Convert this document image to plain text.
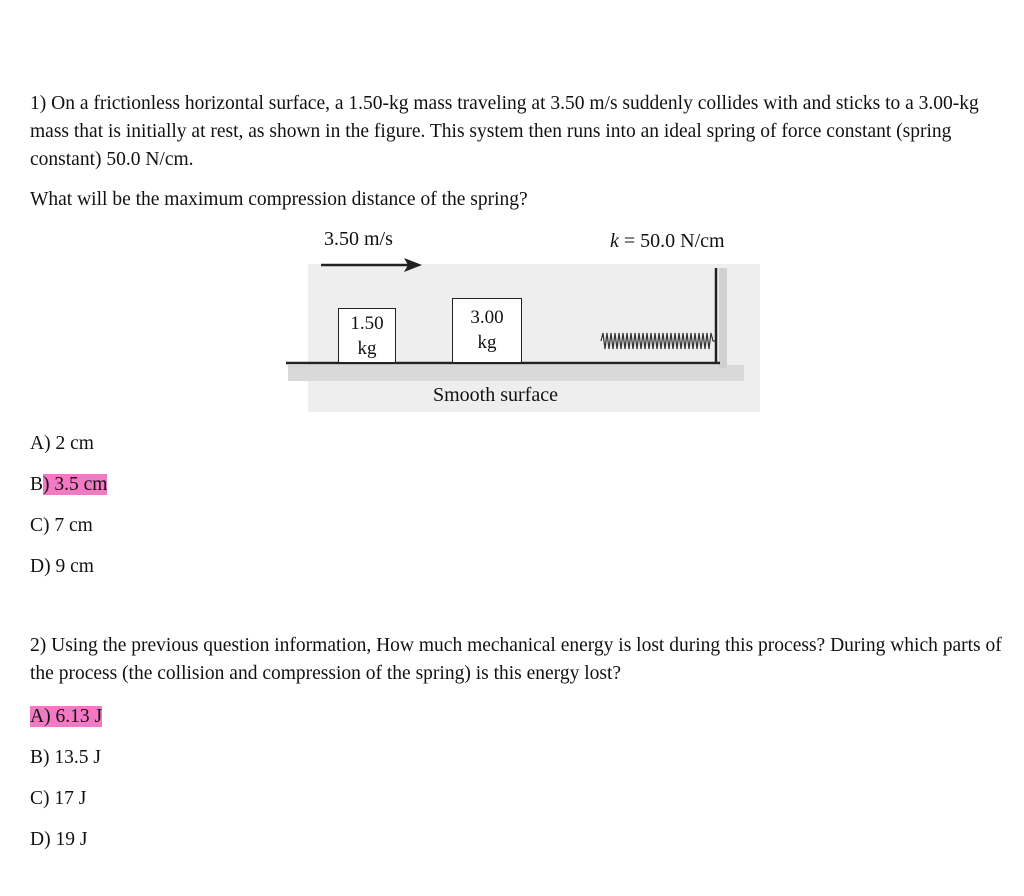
1) On a frictionless horizontal surface, a 1.50-kg mass traveling at 3.50 m/s suddenly collides with and sticks to a 3.00-kg mass that is initially at rest, as shown in the figure. This system then runs into an ideal spring of force constant (spring constant) 50.0 N/cm.

What will be the maximum compression distance of the spring?

3.50 m/s	k = 50.0 N/cm
1.50
kg
3.00
kg
Smooth surface
A) 2 cm
B) 3.5 cm
C) 7 cm
D) 9 cm

2) Using the previous question information, How much mechanical energy is lost during this process? During which parts of the process (the collision and compression of the spring) is this energy lost?

A) 6.13 J
B) 13.5 J
C) 17 J
D) 19 J
